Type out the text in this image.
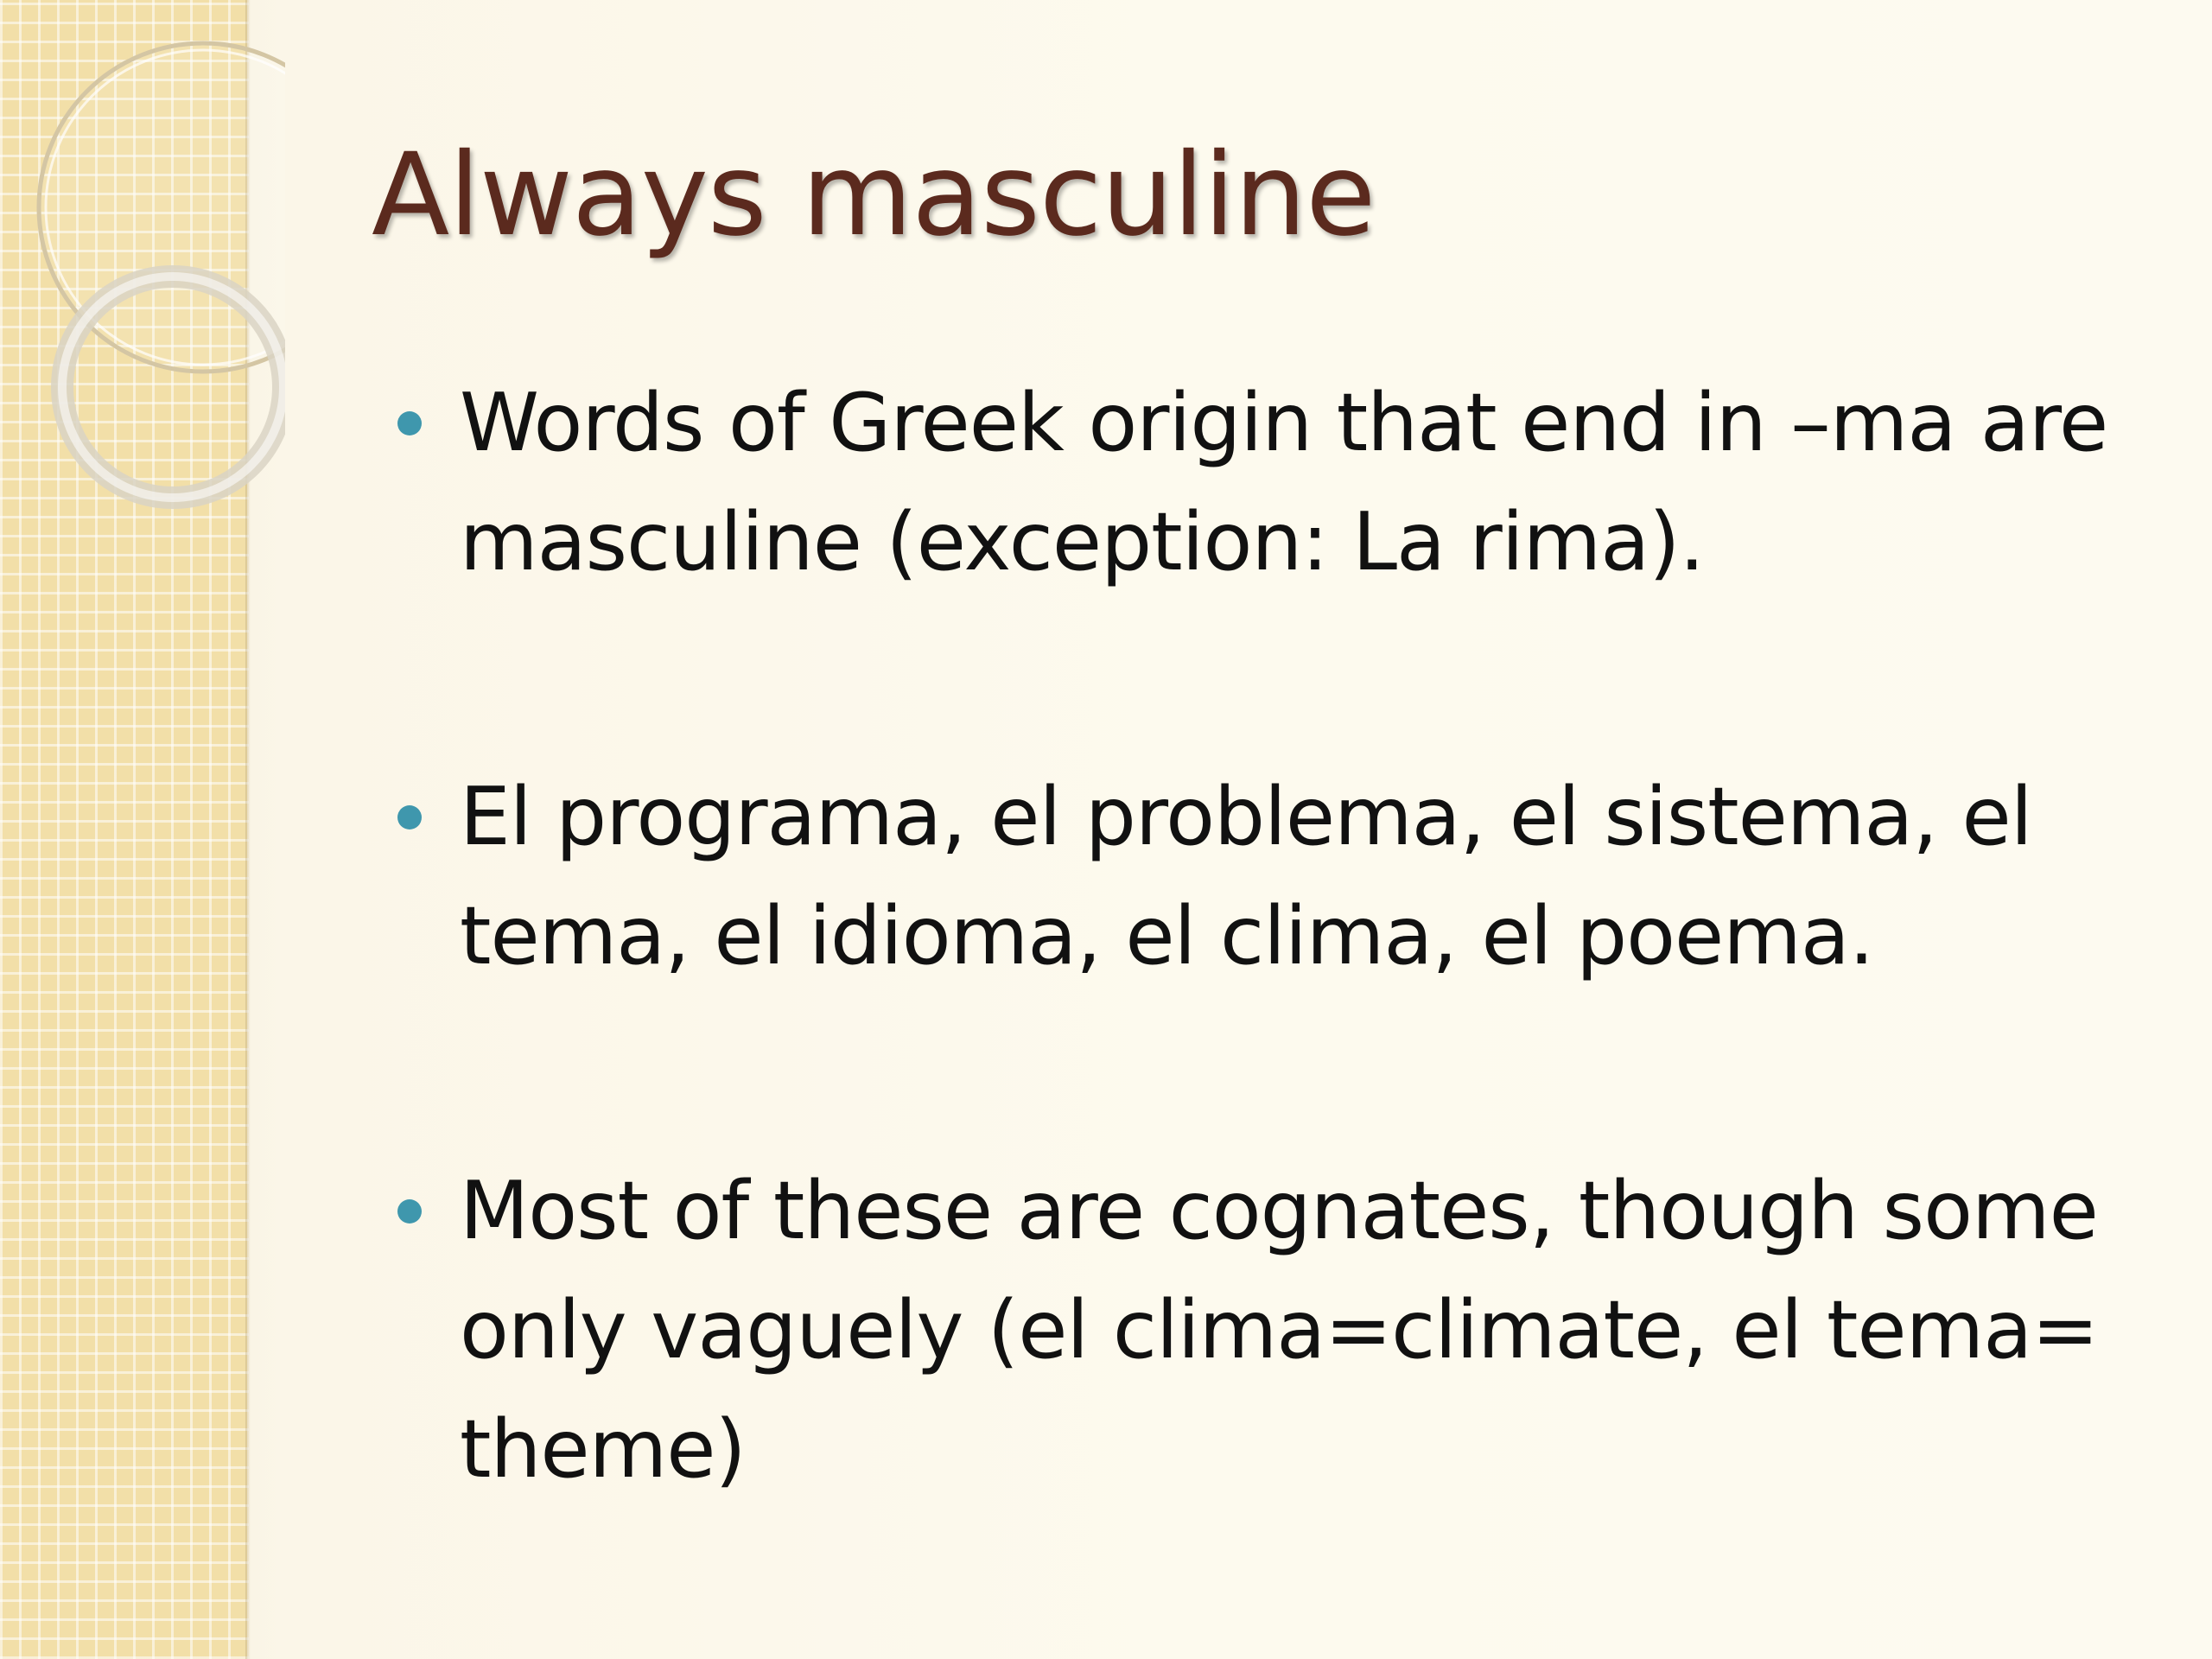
Always masculine
Words of Greek origin that end in –ma are masculine (exception: La rima).
El programa, el problema, el sistema, el tema, el idioma, el clima, el poema.
Most of these are cognates, though some only vaguely (el clima=climate, el tema= theme)
